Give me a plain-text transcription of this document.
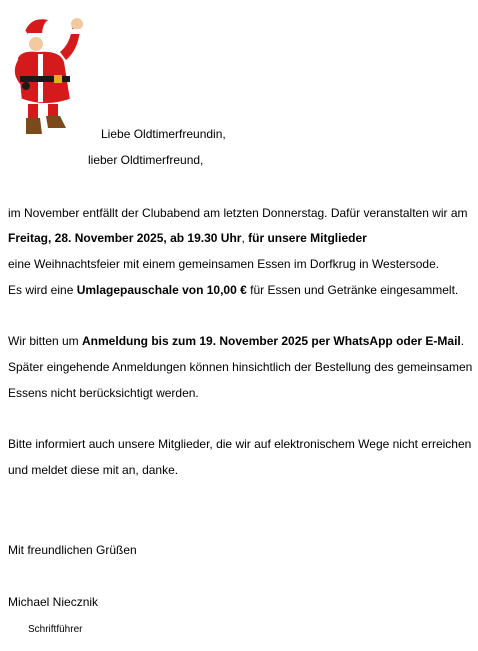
Liebe Oldtimerfreundin,
lieber Oldtimerfreund,
im November entfällt der Clubabend am letzten Donnerstag. Dafür veranstalten wir am
Freitag, 28. November 2025, ab 19.30 Uhr, für unsere Mitglieder
eine Weihnachtsfeier mit einem gemeinsamen Essen im Dorfkrug in Westersode.
Es wird eine Umlagepauschale von 10,00 € für Essen und Getränke eingesammelt.
Wir bitten um Anmeldung bis zum 19. November 2025 per WhatsApp oder E-Mail.
Später eingehende Anmeldungen können hinsichtlich der Bestellung des gemeinsamen
Essens nicht berücksichtigt werden.
Bitte informiert auch unsere Mitglieder, die wir auf elektronischem Wege nicht erreichen
und meldet diese mit an, danke.
Mit freundlichen Grüßen
Michael Niecznik
Schriftführer
